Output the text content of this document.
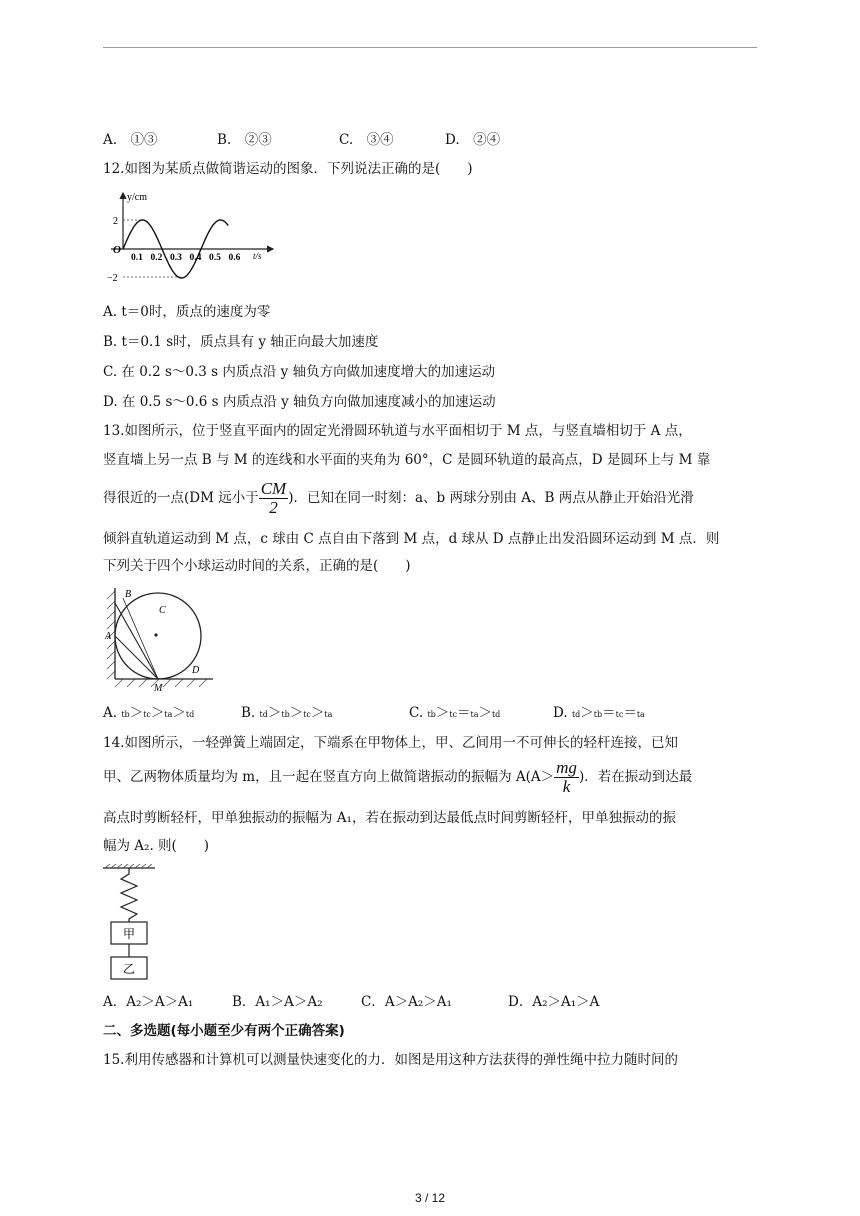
A.　①③	B.　②③	C.　③④	D.　②④
12.如图为某质点做简谐运动的图象．下列说法正确的是(　　)
y/cm
t/s
2
−2
O
0.1 0.2 0.3 0.4 0.5 0.6
A. t＝0时，质点的速度为零
B. t＝0.1 s时，质点具有 y 轴正向最大加速度
C. 在 0.2 s～0.3 s 内质点沿 y 轴负方向做加速度增大的加速运动
D. 在 0.5 s～0.6 s 内质点沿 y 轴负方向做加速度减小的加速运动
13.如图所示，位于竖直平面内的固定光滑圆环轨道与水平面相切于 M 点，与竖直墙相切于 A 点，
竖直墙上另一点 B 与 M 的连线和水平面的夹角为 60°，C 是圆环轨道的最高点，D 是圆环上与 M 靠
得很近的一点(DM 远小于 $\frac{CM}{2}$ )．已知在同一时刻：a、b 两球分别由 A、B 两点从静止开始沿光滑
倾斜直轨道运动到 M 点，c 球由 C 点自由下落到 M 点，d 球从 D 点静止出发沿圆环运动到 M 点．则
下列关于四个小球运动时间的关系，正确的是(　　)
B
C
A
D
M
A. tb＞tc＞ta＞td	B. td＞tb＞tc＞ta	C. tb＞tc＝ta＞td	D. td＞tb＝tc＝ta
14.如图所示，一轻弹簧上端固定，下端系在甲物体上，甲、乙间用一不可伸长的轻杆连接，已知
甲、乙两物体质量均为 m，且一起在竖直方向上做简谐振动的振幅为 $A(A> \frac{mg}{k}$ )．若在振动到达最
高点时剪断轻杆，甲单独振动的振幅为 A₁，若在振动到达最低点时间剪断轻杆，甲单独振动的振
幅为 A₂. 则(　　)
甲
乙
A．A₂＞A＞A₁	B．A₁＞A＞A₂	C．A＞A₂＞A₁	D．A₂＞A₁＞A
二、多选题(每小题至少有两个正确答案)
15.利用传感器和计算机可以测量快速变化的力．如图是用这种方法获得的弹性绳中拉力随时间的
3 / 12
